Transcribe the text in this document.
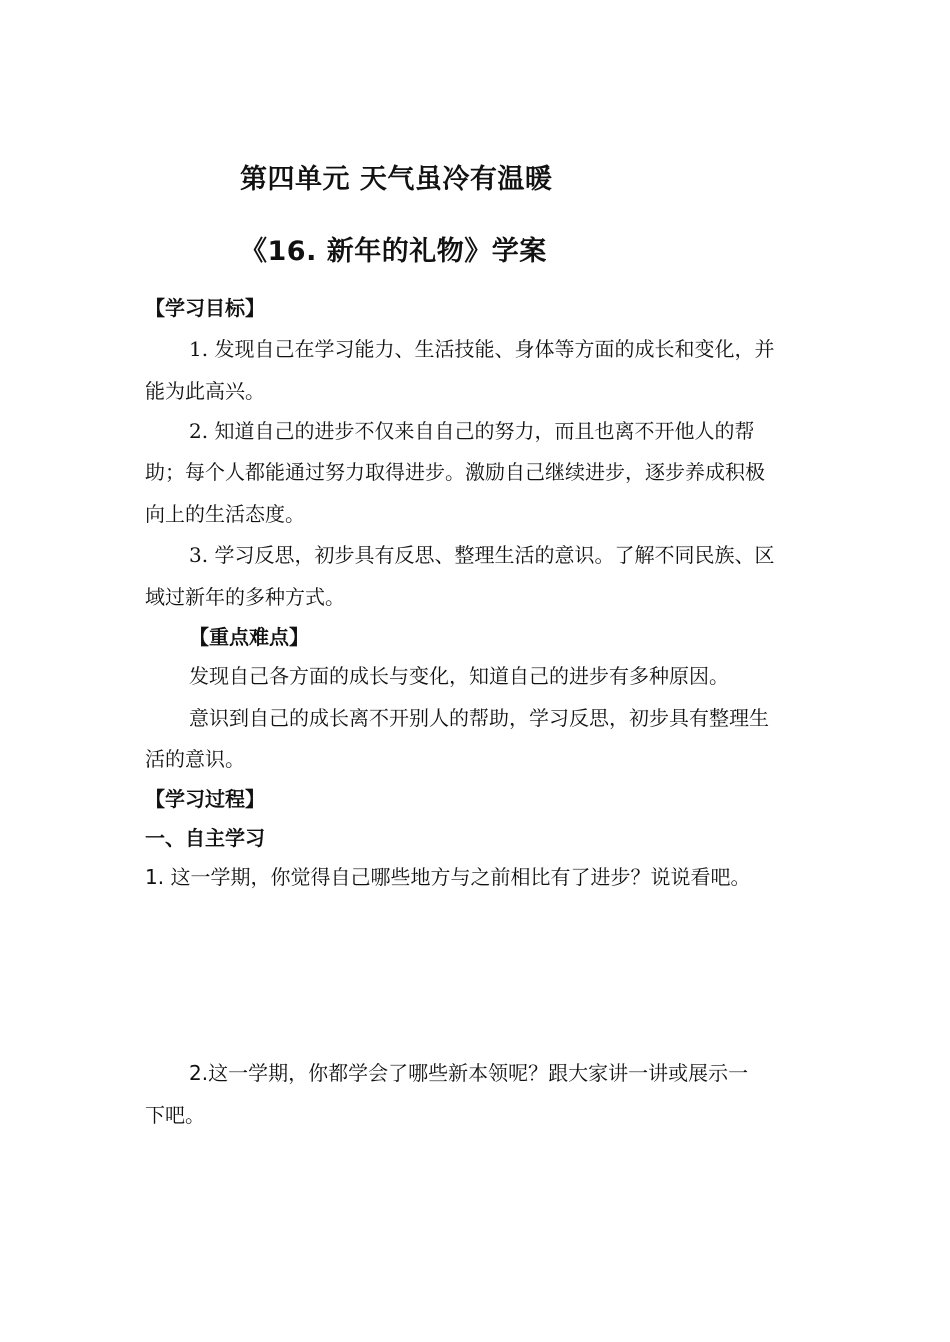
第四单元 天气虽冷有温暖
《16. 新年的礼物》学案
【学习目标】
1. 发现自己在学习能力、生活技能、身体等方面的成长和变化，并
能为此高兴。
2. 知道自己的进步不仅来自自己的努力，而且也离不开他人的帮
助；每个人都能通过努力取得进步。激励自己继续进步，逐步养成积极
向上的生活态度。
3. 学习反思，初步具有反思、整理生活的意识。了解不同民族、区
域过新年的多种方式。
【重点难点】
发现自己各方面的成长与变化，知道自己的进步有多种原因。
意识到自己的成长离不开别人的帮助，学习反思，初步具有整理生
活的意识。
【学习过程】
一、自主学习
1. 这一学期，你觉得自己哪些地方与之前相比有了进步？说说看吧。
2.这一学期，你都学会了哪些新本领呢？跟大家讲一讲或展示一
下吧。
